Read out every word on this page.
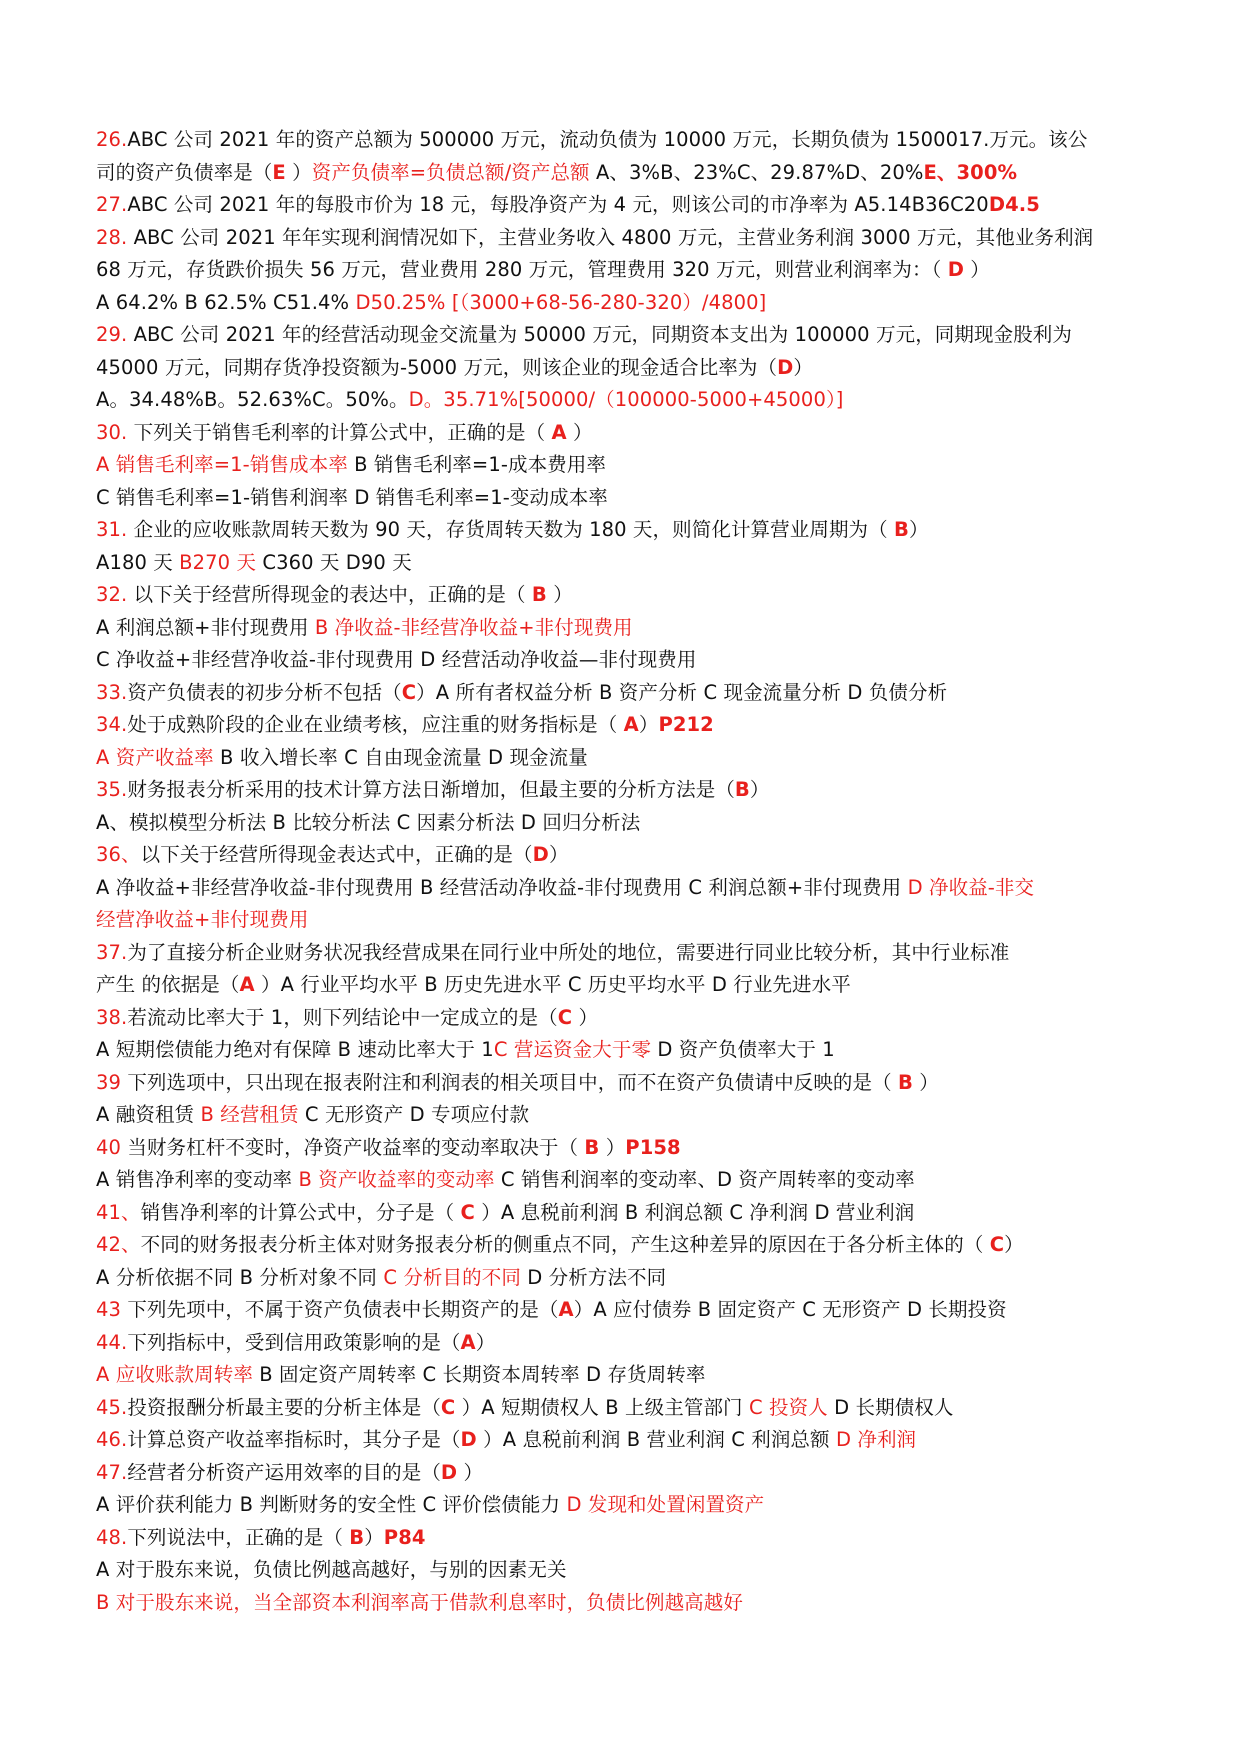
26.ABC 公司 2021 年的资产总额为 500000 万元，流动负债为 10000 万元，长期负债为 1500017.万元。该公
司的资产负债率是（E ）资产负债率=负债总额/资产总额 A、3%B、23%C、29.87%D、20%E、300%
27.ABC 公司 2021 年的每股市价为 18 元，每股净资产为 4 元，则该公司的市净率为 A5.14B36C20D4.5
28. ABC 公司 2021 年年实现利润情况如下，主营业务收入 4800 万元，主营业务利润 3000 万元，其他业务利润
68 万元，存货跌价损失 56 万元，营业费用 280 万元，管理费用 320 万元，则营业利润率为：（ D ）
A 64.2% B 62.5% C51.4% D50.25% [（3000+68-56-280-320）/4800]
29. ABC 公司 2021 年的经营活动现金交流量为 50000 万元，同期资本支出为 100000 万元，同期现金股利为
45000 万元，同期存货净投资额为-5000 万元，则该企业的现金适合比率为（D）
A。34.48%B。52.63%C。50%。D。35.71%[50000/（100000-5000+45000）]
30. 下列关于销售毛利率的计算公式中，正确的是（ A ）
A 销售毛利率=1-销售成本率 B 销售毛利率=1-成本费用率
C 销售毛利率=1-销售利润率 D 销售毛利率=1-变动成本率
31. 企业的应收账款周转天数为 90 天，存货周转天数为 180 天，则简化计算营业周期为（ B）
A180 天 B270 天 C360 天 D90 天
32. 以下关于经营所得现金的表达中，正确的是（ B ）
A 利润总额+非付现费用 B 净收益-非经营净收益+非付现费用
C 净收益+非经营净收益-非付现费用 D 经营活动净收益—非付现费用
33.资产负债表的初步分析不包括（C）A 所有者权益分析 B 资产分析 C 现金流量分析 D 负债分析
34.处于成熟阶段的企业在业绩考核，应注重的财务指标是（ A）P212
A 资产收益率 B 收入增长率 C 自由现金流量 D 现金流量
35.财务报表分析采用的技术计算方法日渐增加，但最主要的分析方法是（B）
A、模拟模型分析法 B 比较分析法 C 因素分析法 D 回归分析法
36、以下关于经营所得现金表达式中，正确的是（D）
A 净收益+非经营净收益-非付现费用 B 经营活动净收益-非付现费用 C 利润总额+非付现费用 D 净收益-非交
经营净收益+非付现费用
37.为了直接分析企业财务状况我经营成果在同行业中所处的地位，需要进行同业比较分析，其中行业标准
产生 的依据是（A ）A 行业平均水平 B 历史先进水平 C 历史平均水平 D 行业先进水平
38.若流动比率大于 1，则下列结论中一定成立的是（C ）
A 短期偿债能力绝对有保障 B 速动比率大于 1C 营运资金大于零 D 资产负债率大于 1
39 下列选项中，只出现在报表附注和利润表的相关项目中，而不在资产负债请中反映的是（ B ）
A 融资租赁 B 经营租赁 C 无形资产 D 专项应付款
40 当财务杠杆不变时，净资产收益率的变动率取决于（ B ）P158
A 销售净利率的变动率 B 资产收益率的变动率 C 销售利润率的变动率、D 资产周转率的变动率
41、销售净利率的计算公式中，分子是（ C ）A 息税前利润 B 利润总额 C 净利润 D 营业利润
42、不同的财务报表分析主体对财务报表分析的侧重点不同，产生这种差异的原因在于各分析主体的（ C）
A 分析依据不同 B 分析对象不同 C 分析目的不同 D 分析方法不同
43 下列先项中，不属于资产负债表中长期资产的是（A）A 应付债券 B 固定资产 C 无形资产 D 长期投资
44.下列指标中，受到信用政策影响的是（A）
A 应收账款周转率 B 固定资产周转率 C 长期资本周转率 D 存货周转率
45.投资报酬分析最主要的分析主体是（C ）A 短期债权人 B 上级主管部门 C 投资人 D 长期债权人
46.计算总资产收益率指标时，其分子是（D ）A 息税前利润 B 营业利润 C 利润总额 D 净利润
47.经营者分析资产运用效率的目的是（D ）
A 评价获利能力 B 判断财务的安全性 C 评价偿债能力 D 发现和处置闲置资产
48.下列说法中，正确的是（ B）P84
A 对于股东来说，负债比例越高越好，与别的因素无关
B 对于股东来说，当全部资本利润率高于借款利息率时，负债比例越高越好
